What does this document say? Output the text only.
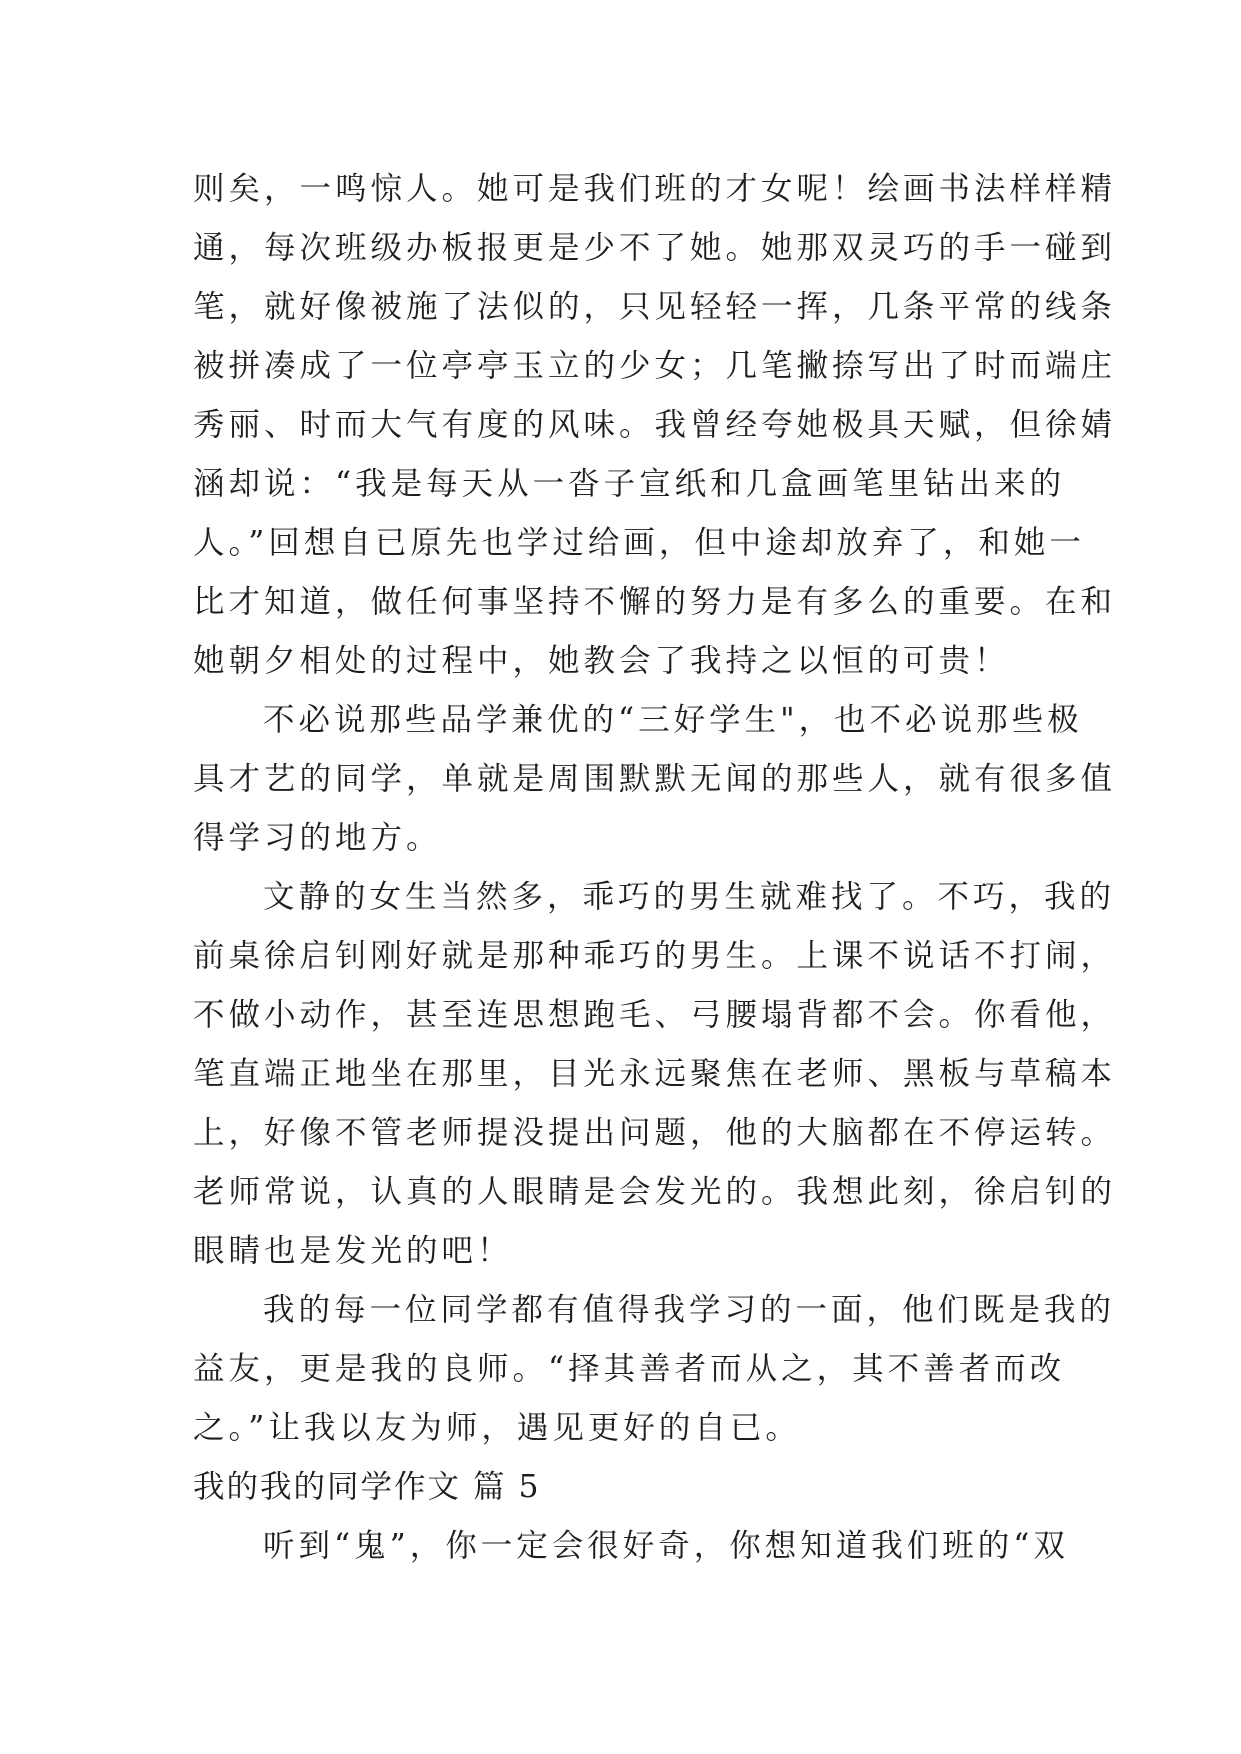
则矣，一鸣惊人。她可是我们班的才女呢！绘画书法样样精
通，每次班级办板报更是少不了她。她那双灵巧的手一碰到
笔，就好像被施了法似的，只见轻轻一挥，几条平常的线条
被拼凑成了一位亭亭玉立的少女；几笔撇捺写出了时而端庄
秀丽、时而大气有度的风味。我曾经夸她极具天赋，但徐婧
涵却说：“我是每天从一沓子宣纸和几盒画笔里钻出来的
人。”回想自已原先也学过给画，但中途却放弃了，和她一
比才知道，做任何事坚持不懈的努力是有多么的重要。在和
她朝夕相处的过程中，她教会了我持之以恒的可贵！
不必说那些品学兼优的“三好学生"，也不必说那些极
具才艺的同学，单就是周围默默无闻的那些人，就有很多值
得学习的地方。
文静的女生当然多，乖巧的男生就难找了。不巧，我的
前桌徐启钊刚好就是那种乖巧的男生。上课不说话不打闹，
不做小动作，甚至连思想跑毛、弓腰塌背都不会。你看他，
笔直端正地坐在那里，目光永远聚焦在老师、黑板与草稿本
上，好像不管老师提没提出问题，他的大脑都在不停运转。
老师常说，认真的人眼睛是会发光的。我想此刻，徐启钊的
眼睛也是发光的吧！
我的每一位同学都有值得我学习的一面，他们既是我的
益友，更是我的良师。“择其善者而从之，其不善者而改
之。”让我以友为师，遇见更好的自已。
我的我的同学作文 篇 5
听到“鬼”，你一定会很好奇，你想知道我们班的“双
